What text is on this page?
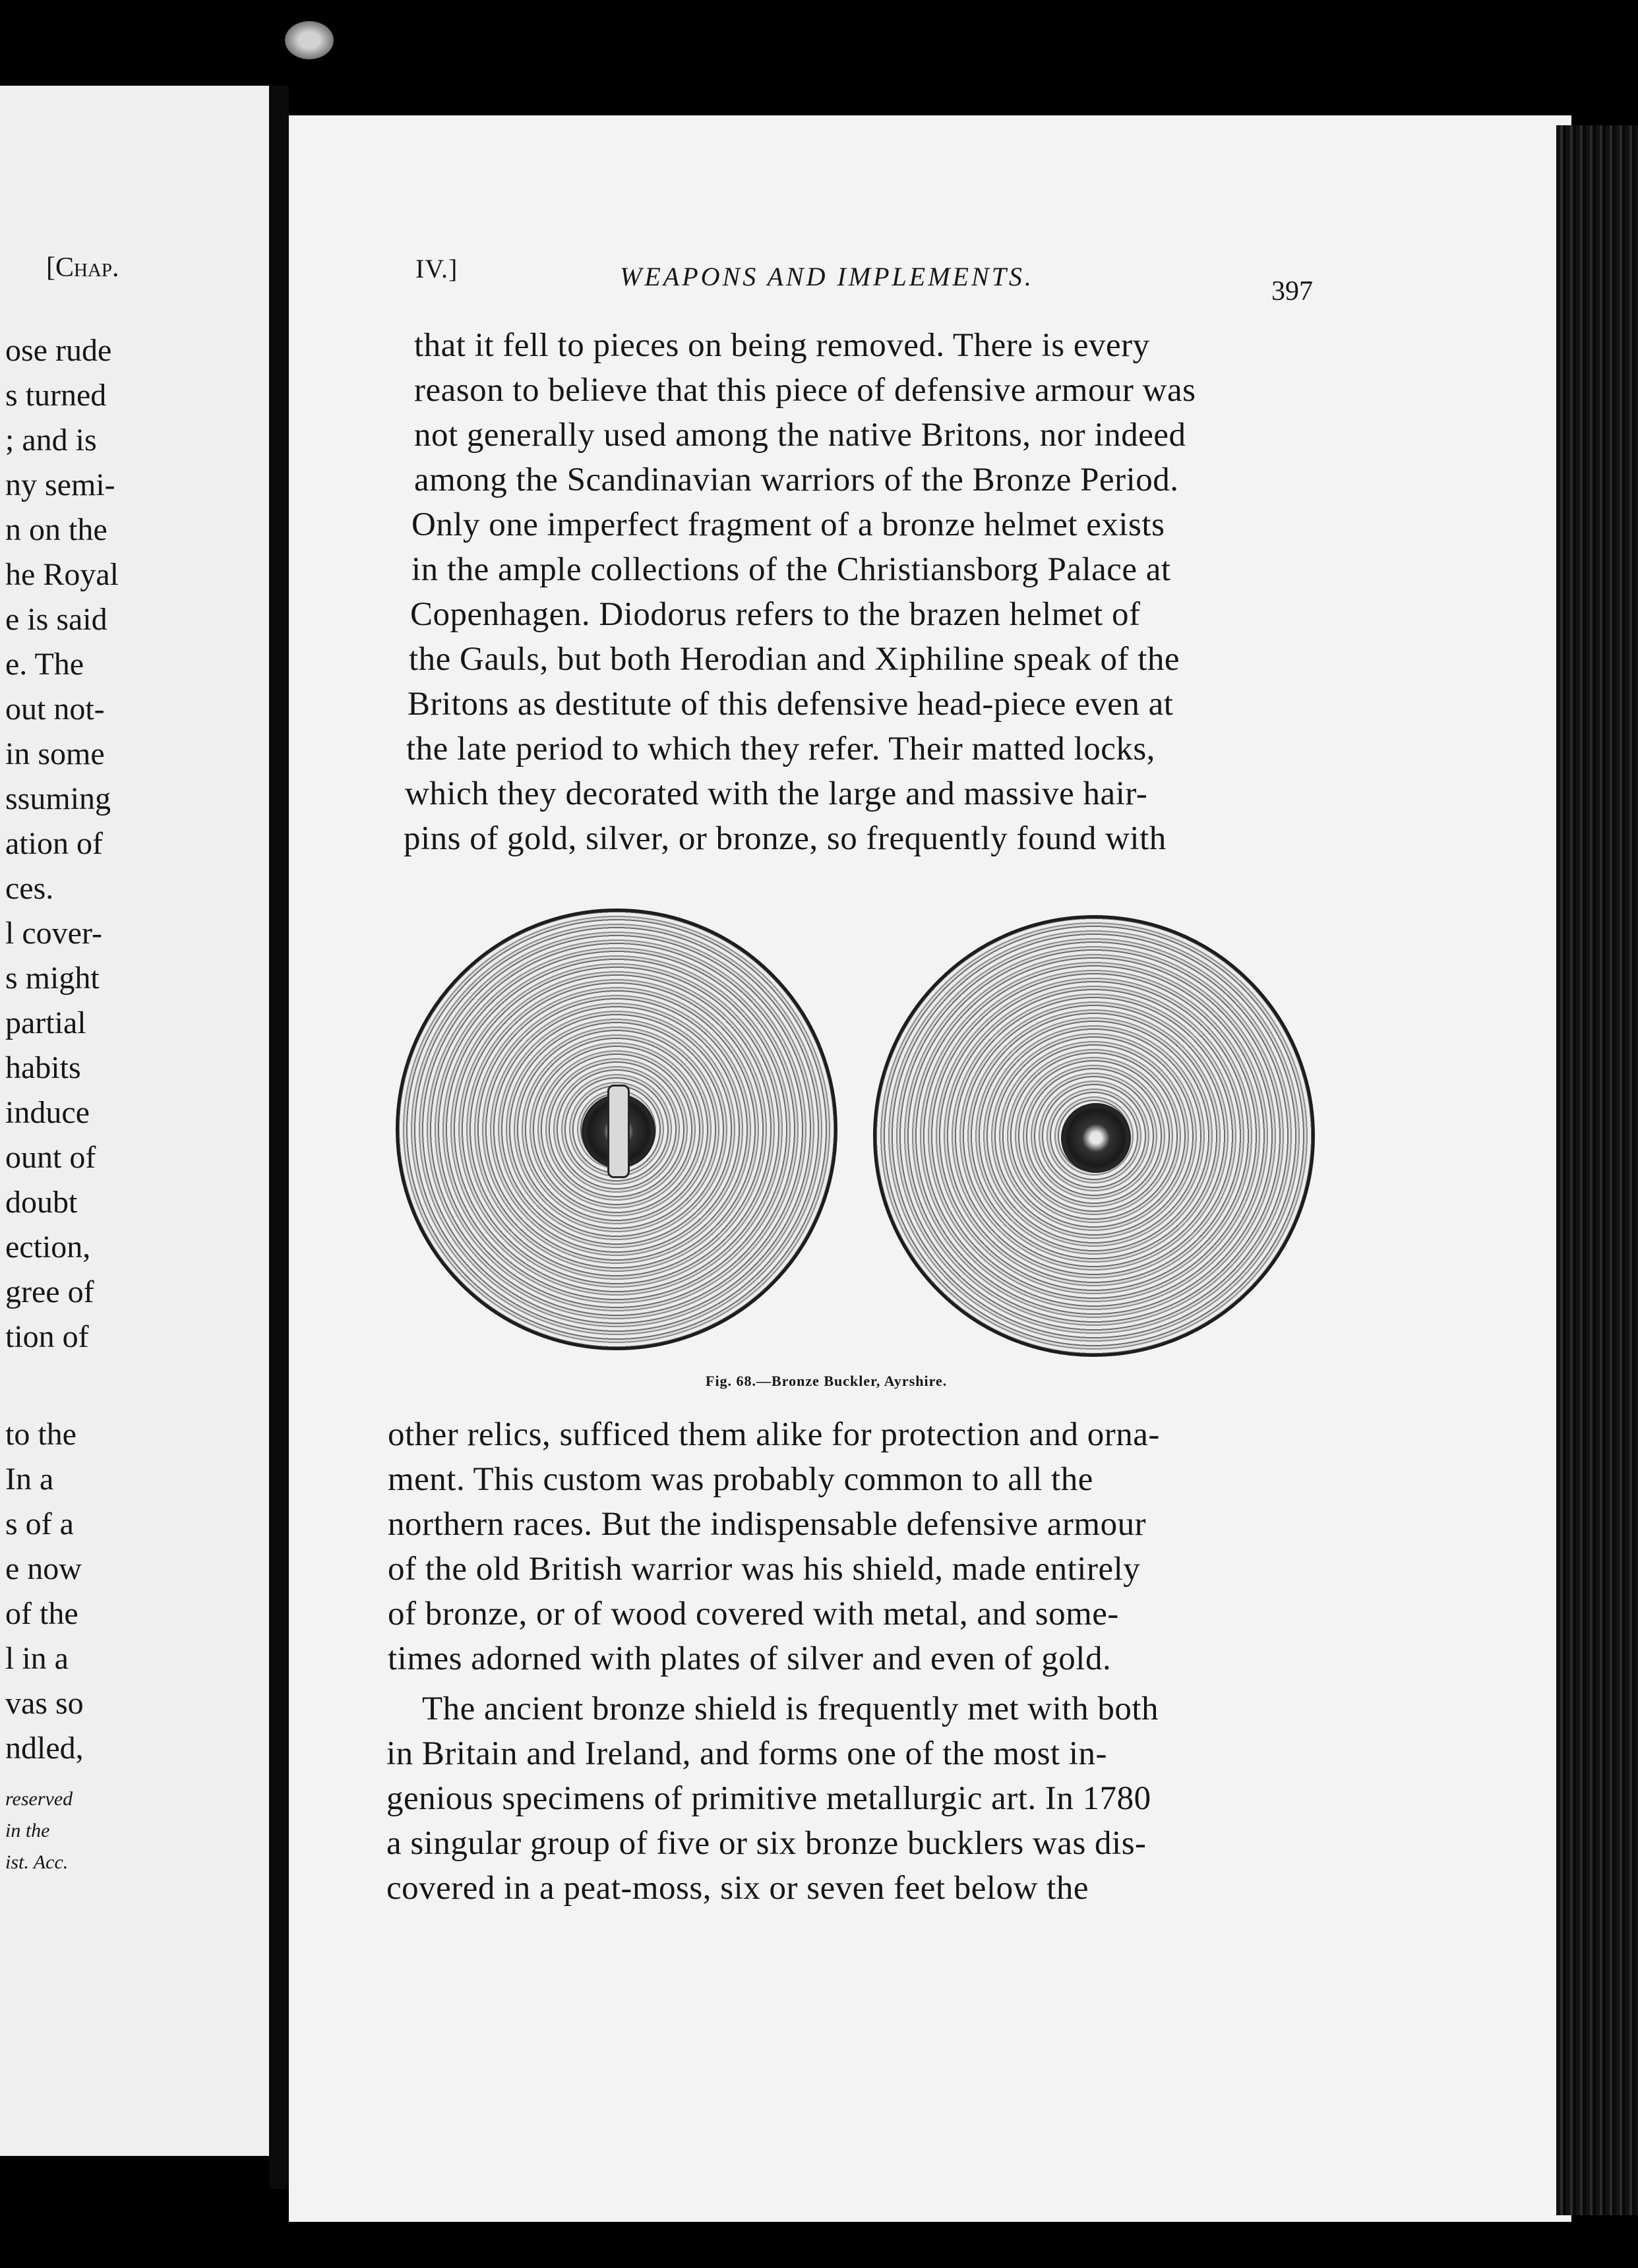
[Chap.

ose rude

s turned

; and is

ny semi-

n on the

he Royal

e is said

e. The

out not-

in some

ssuming

ation of

ces.

l cover-

s might

partial

habits

induce

ount of

doubt

ection,

gree of

tion of

to the

In a

s of a

e now

of the

l in a

vas so

ndled,

reserved

in the

ist. Acc.

IV.]	WEAPONS AND IMPLEMENTS.	397

that it fell to pieces on being removed. There is every

reason to believe that this piece of defensive armour was

not generally used among the native Britons, nor indeed

among the Scandinavian warriors of the Bronze Period.

Only one imperfect fragment of a bronze helmet exists

in the ample collections of the Christiansborg Palace at

Copenhagen. Diodorus refers to the brazen helmet of

the Gauls, but both Herodian and Xiphiline speak of the

Britons as destitute of this defensive head-piece even at

the late period to which they refer. Their matted locks,

which they decorated with the large and massive hair-

pins of gold, silver, or bronze, so frequently found with

Fig. 68.—Bronze Buckler, Ayrshire.

other relics, sufficed them alike for protection and orna-

ment. This custom was probably common to all the

northern races. But the indispensable defensive armour

of the old British warrior was his shield, made entirely

of bronze, or of wood covered with metal, and some-

times adorned with plates of silver and even of gold.

The ancient bronze shield is frequently met with both

in Britain and Ireland, and forms one of the most in-

genious specimens of primitive metallurgic art. In 1780

a singular group of five or six bronze bucklers was dis-

covered in a peat-moss, six or seven feet below the
